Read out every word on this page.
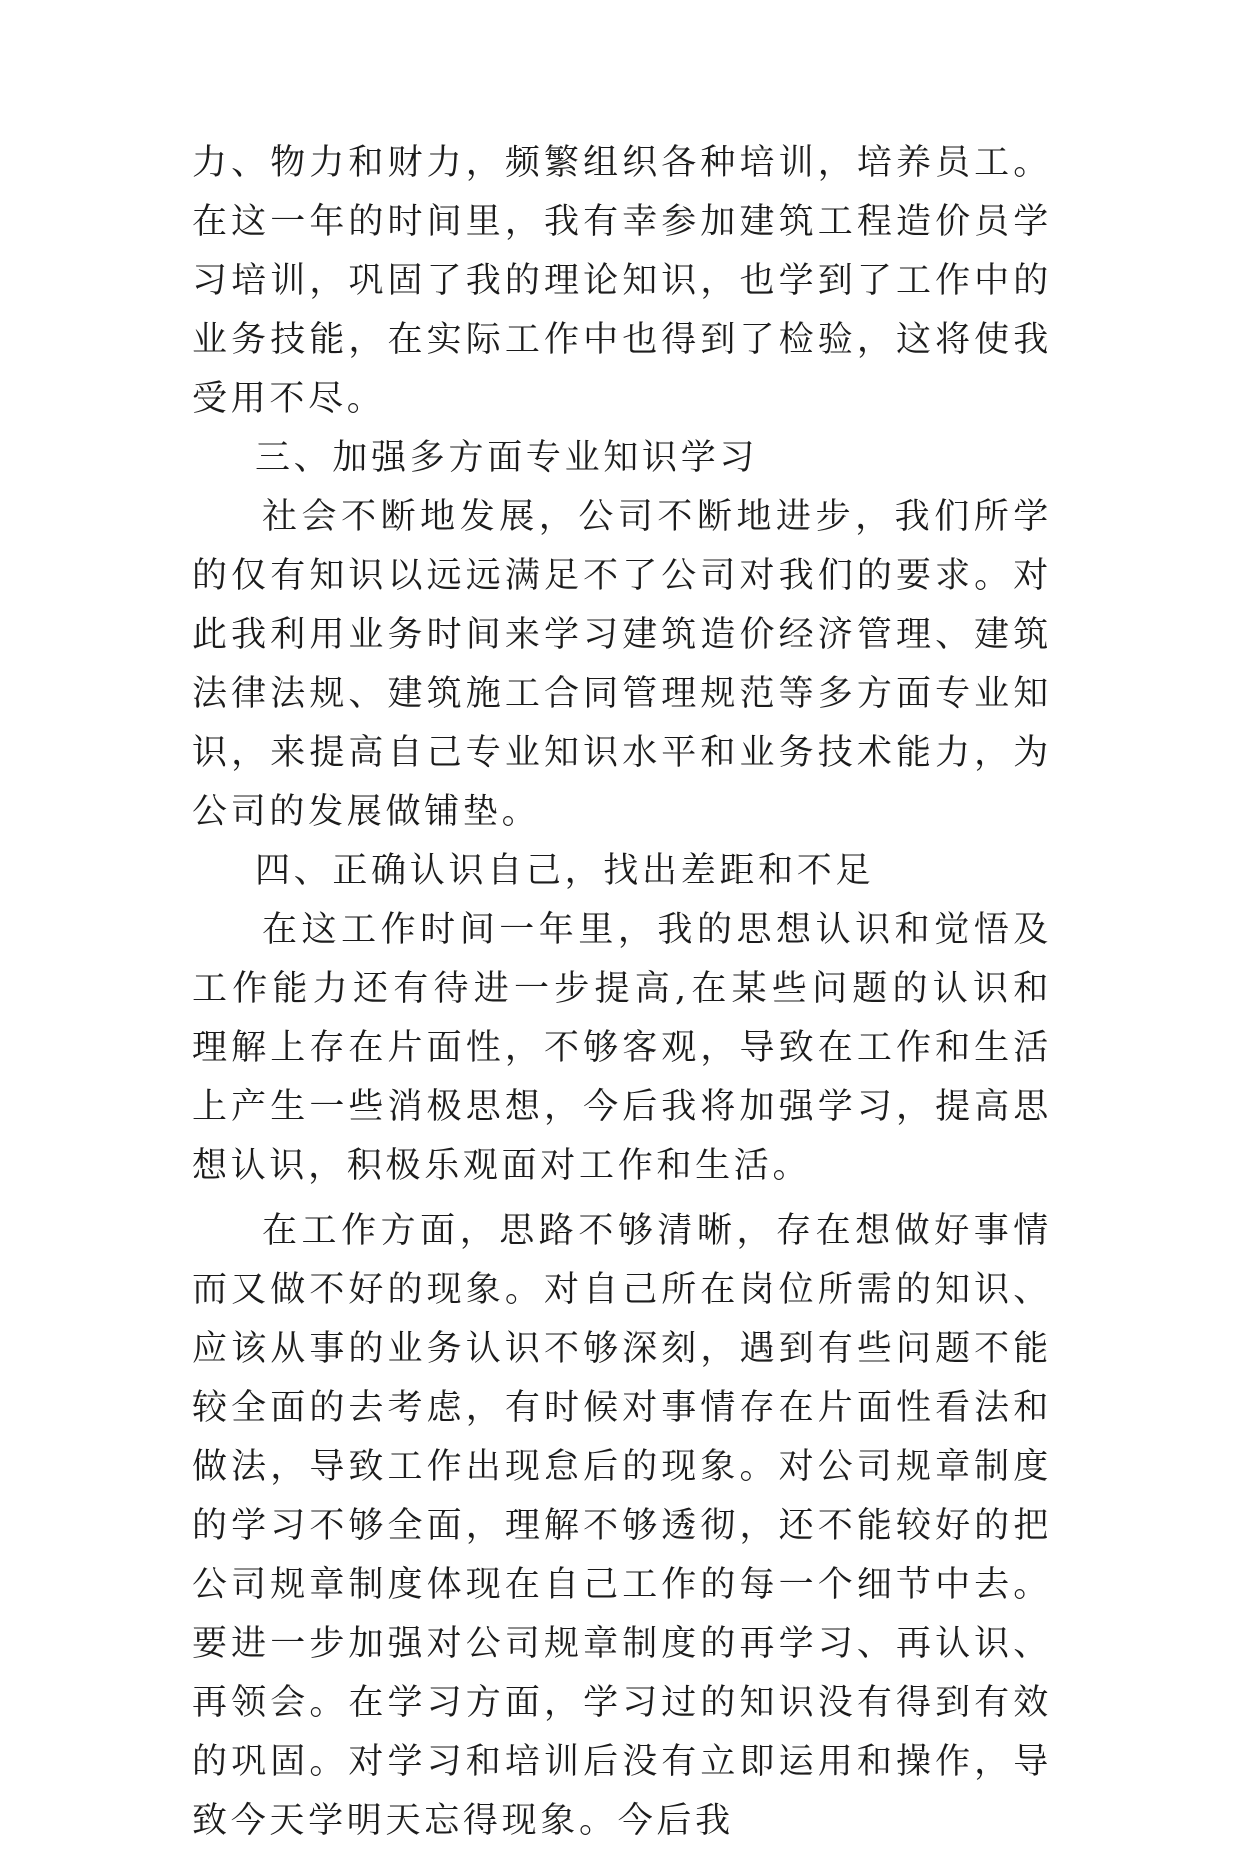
力、物力和财力，频繁组织各种培训，培养员工。在这一年的时间里，我有幸参加建筑工程造价员学习培训，巩固了我的理论知识，也学到了工作中的业务技能，在实际工作中也得到了检验，这将使我受用不尽。

三、加强多方面专业知识学习

社会不断地发展，公司不断地进步，我们所学的仅有知识以远远满足不了公司对我们的要求。对此我利用业务时间来学习建筑造价经济管理、建筑法律法规、建筑施工合同管理规范等多方面专业知识，来提高自己专业知识水平和业务技术能力，为公司的发展做铺垫。

四、正确认识自己，找出差距和不足

在这工作时间一年里，我的思想认识和觉悟及工作能力还有待进一步提高,在某些问题的认识和理解上存在片面性，不够客观，导致在工作和生活上产生一些消极思想，今后我将加强学习，提高思想认识，积极乐观面对工作和生活。

在工作方面，思路不够清晰，存在想做好事情而又做不好的现象。对自己所在岗位所需的知识、应该从事的业务认识不够深刻，遇到有些问题不能较全面的去考虑，有时候对事情存在片面性看法和做法，导致工作出现怠后的现象。对公司规章制度的学习不够全面，理解不够透彻，还不能较好的把公司规章制度体现在自己工作的每一个细节中去。要进一步加强对公司规章制度的再学习、再认识、再领会。在学习方面，学习过的知识没有得到有效的巩固。对学习和培训后没有立即运用和操作，导致今天学明天忘得现象。今后我
